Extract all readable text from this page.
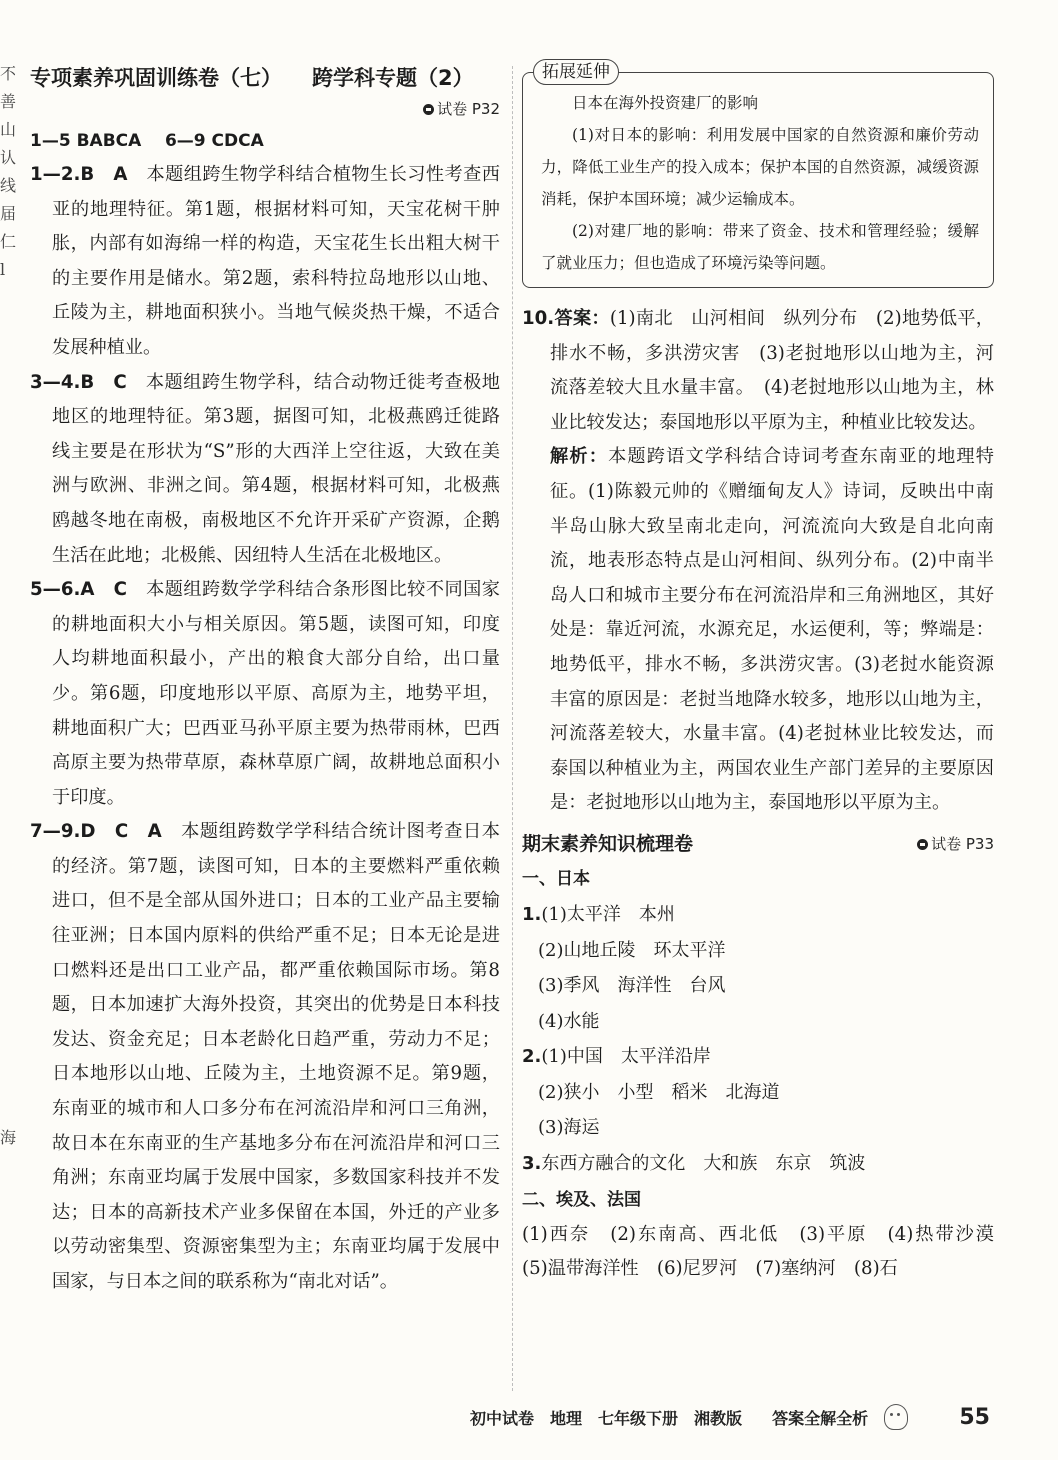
不
善
山
认
线
届
仁
l

海
专项素养巩固训练卷（七） 跨学科专题（2）
试卷 P32
1—5 BABCA    6—9 CDCA

1—2.B　A　本题组跨生物学科结合植物生长习性考查西亚的地理特征。第1题，根据材料可知，天宝花树干肿胀，内部有如海绵一样的构造，天宝花生长出粗大树干的主要作用是储水。第2题，索科特拉岛地形以山地、丘陵为主，耕地面积狭小。当地气候炎热干燥，不适合发展种植业。

3—4.B　C　本题组跨生物学科，结合动物迁徙考查极地地区的地理特征。第3题，据图可知，北极燕鸥迁徙路线主要是在形状为“S”形的大西洋上空往返，大致在美洲与欧洲、非洲之间。第4题，根据材料可知，北极燕鸥越冬地在南极，南极地区不允许开采矿产资源，企鹅生活在此地；北极熊、因纽特人生活在北极地区。

5—6.A　C　本题组跨数学学科结合条形图比较不同国家的耕地面积大小与相关原因。第5题，读图可知，印度人均耕地面积最小，产出的粮食大部分自给，出口量少。第6题，印度地形以平原、高原为主，地势平坦，耕地面积广大；巴西亚马孙平原主要为热带雨林，巴西高原主要为热带草原，森林草原广阔，故耕地总面积小于印度。

7—9.D　C　A　本题组跨数学学科结合统计图考查日本的经济。第7题，读图可知，日本的主要燃料严重依赖进口，但不是全部从国外进口；日本的工业产品主要输往亚洲；日本国内原料的供给严重不足；日本无论是进口燃料还是出口工业产品，都严重依赖国际市场。第8题，日本加速扩大海外投资，其突出的优势是日本科技发达、资金充足；日本老龄化日趋严重，劳动力不足；日本地形以山地、丘陵为主，土地资源不足。第9题，东南亚的城市和人口多分布在河流沿岸和河口三角洲，故日本在东南亚的生产基地多分布在河流沿岸和河口三角洲；东南亚均属于发展中国家，多数国家科技并不发达；日本的高新技术产业多保留在本国，外迁的产业多以劳动密集型、资源密集型为主；东南亚均属于发展中国家，与日本之间的联系称为“南北对话”。

拓展延伸

日本在海外投资建厂的影响

(1)对日本的影响：利用发展中国家的自然资源和廉价劳动力，降低工业生产的投入成本；保护本国的自然资源，减缓资源消耗，保护本国环境；减少运输成本。

(2)对建厂地的影响：带来了资金、技术和管理经验；缓解了就业压力；但也造成了环境污染等问题。

10.答案：(1)南北　山河相间　纵列分布　(2)地势低平，排水不畅，多洪涝灾害　(3)老挝地形以山地为主，河流落差较大且水量丰富。　(4)老挝地形以山地为主，林业比较发达；泰国地形以平原为主，种植业比较发达。

解析：本题跨语文学科结合诗词考查东南亚的地理特征。(1)陈毅元帅的《赠缅甸友人》诗词，反映出中南半岛山脉大致呈南北走向，河流流向大致是自北向南流，地表形态特点是山河相间、纵列分布。(2)中南半岛人口和城市主要分布在河流沿岸和三角洲地区，其好处是：靠近河流，水源充足，水运便利，等；弊端是：地势低平，排水不畅，多洪涝灾害。(3)老挝水能资源丰富的原因是：老挝当地降水较多，地形以山地为主，河流落差较大，水量丰富。(4)老挝林业比较发达，而泰国以种植业为主，两国农业生产部门差异的主要原因是：老挝地形以山地为主，泰国地形以平原为主。

期末素养知识梳理卷	试卷 P33
一、日本
1.(1)太平洋　本州
(2)山地丘陵　环太平洋
(3)季风　海洋性　台风
(4)水能
2.(1)中国　太平洋沿岸
(2)狭小　小型　稻米　北海道
(3)海运
3.东西方融合的文化　大和族　东京　筑波
二、埃及、法国

(1)西奈　(2)东南高、西北低　(3)平原　(4)热带沙漠　(5)温带海洋性　(6)尼罗河　(7)塞纳河　(8)石

初中试卷 地理 七年级下册 湘教版 答案全解全析	55
